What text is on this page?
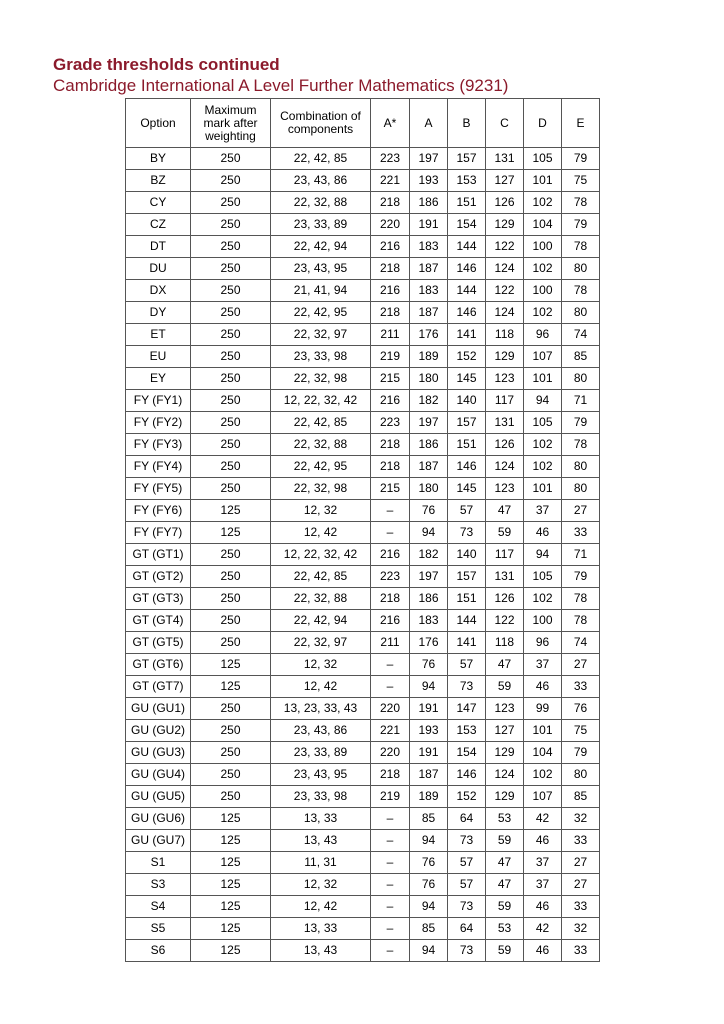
Grade thresholds continued
Cambridge International A Level Further Mathematics (9231)
Option	Maximum mark after weighting	Combination of components	A*	A	B	C	D	E
BY	250	22, 42, 85	223	197	157	131	105	79
BZ	250	23, 43, 86	221	193	153	127	101	75
CY	250	22, 32, 88	218	186	151	126	102	78
CZ	250	23, 33, 89	220	191	154	129	104	79
DT	250	22, 42, 94	216	183	144	122	100	78
DU	250	23, 43, 95	218	187	146	124	102	80
DX	250	21, 41, 94	216	183	144	122	100	78
DY	250	22, 42, 95	218	187	146	124	102	80
ET	250	22, 32, 97	211	176	141	118	96	74
EU	250	23, 33, 98	219	189	152	129	107	85
EY	250	22, 32, 98	215	180	145	123	101	80
FY (FY1)	250	12, 22, 32, 42	216	182	140	117	94	71
FY (FY2)	250	22, 42, 85	223	197	157	131	105	79
FY (FY3)	250	22, 32, 88	218	186	151	126	102	78
FY (FY4)	250	22, 42, 95	218	187	146	124	102	80
FY (FY5)	250	22, 32, 98	215	180	145	123	101	80
FY (FY6)	125	12, 32	–	76	57	47	37	27
FY (FY7)	125	12, 42	–	94	73	59	46	33
GT (GT1)	250	12, 22, 32, 42	216	182	140	117	94	71
GT (GT2)	250	22, 42, 85	223	197	157	131	105	79
GT (GT3)	250	22, 32, 88	218	186	151	126	102	78
GT (GT4)	250	22, 42, 94	216	183	144	122	100	78
GT (GT5)	250	22, 32, 97	211	176	141	118	96	74
GT (GT6)	125	12, 32	–	76	57	47	37	27
GT (GT7)	125	12, 42	–	94	73	59	46	33
GU (GU1)	250	13, 23, 33, 43	220	191	147	123	99	76
GU (GU2)	250	23, 43, 86	221	193	153	127	101	75
GU (GU3)	250	23, 33, 89	220	191	154	129	104	79
GU (GU4)	250	23, 43, 95	218	187	146	124	102	80
GU (GU5)	250	23, 33, 98	219	189	152	129	107	85
GU (GU6)	125	13, 33	–	85	64	53	42	32
GU (GU7)	125	13, 43	–	94	73	59	46	33
S1	125	11, 31	–	76	57	47	37	27
S3	125	12, 32	–	76	57	47	37	27
S4	125	12, 42	–	94	73	59	46	33
S5	125	13, 33	–	85	64	53	42	32
S6	125	13, 43	–	94	73	59	46	33
